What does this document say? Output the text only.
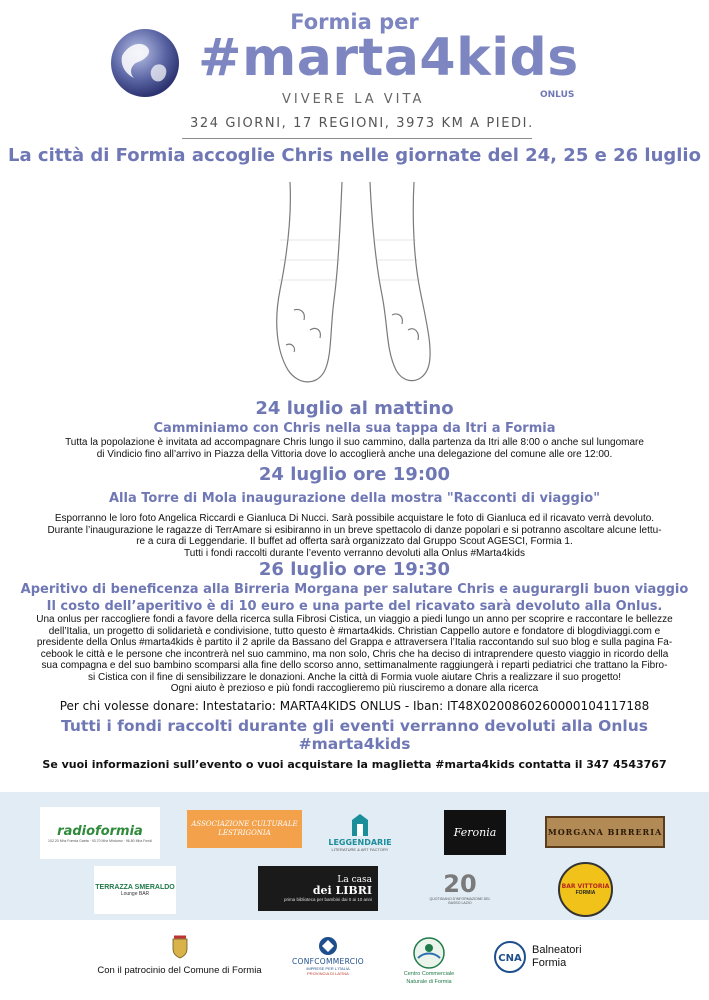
Formia per
#marta4kids
ONLUS
VIVERE LA VITA
324 GIORNI, 17 REGIONI, 3973 KM A PIEDI.
La città di Formia accoglie Chris nelle giornate del 24, 25 e 26 luglio
24 luglio al mattino
Camminiamo con Chris nella sua tappa da Itri a Formia
Tutta la popolazione è invitata ad accompagnare Chris lungo il suo cammino, dalla partenza da Itri alle 8:00 o anche sul lungomare
di Vindicio fino all’arrivo in Piazza della Vittoria dove lo accoglierà anche una delegazione del comune alle ore 12:00.
24 luglio ore 19:00
Alla Torre di Mola inaugurazione della mostra "Racconti di viaggio"
Esporranno le loro foto Angelica Riccardi e Gianluca Di Nucci. Sarà possibile acquistare le foto di Gianluca ed il ricavato verrà devoluto.
Durante l’inaugurazione le ragazze di TerrAmare si esibiranno in un breve spettacolo di danze popolari e si potranno ascoltare alcune lettu-
re a cura di Leggendarie. Il buffet ad offerta sarà organizzato dal Gruppo Scout AGESCI, Formia 1.
Tutti i fondi raccolti durante l’evento verranno devoluti alla Onlus #Marta4kids
26 luglio ore 19:30
Aperitivo di beneficenza alla Birreria Morgana per salutare Chris e augurargli buon viaggio
Il costo dell’aperitivo è di 10 euro e una parte del ricavato sarà devoluto alla Onlus.
Una onlus per raccogliere fondi a favore della ricerca sulla Fibrosi Cistica, un viaggio a piedi lungo un anno per scoprire e raccontare le bellezze
dell’Italia, un progetto di solidarietà e condivisione, tutto questo è #marta4kids. Christian Cappello autore e fondatore di blogdiviaggi.com e
presidente della Onlus #marta4kids è partito il 2 aprile da Bassano del Grappa e attraversera l’Italia raccontando sul suo blog e sulla pagina Fa-
cebook le città e le persone che incontrerà nel suo cammino, ma non solo, Chris che ha deciso di intraprendere questo viaggio in ricordo della
sua compagna e del suo bambino scomparsi alla fine dello scorso anno, settimanalmente raggiungerà i reparti pediatrici che trattano la Fibro-
si Cistica con il fine di sensibilizzare le donazioni. Anche la città di Formia vuole aiutare Chris a realizzare il suo progetto!
Ogni aiuto è prezioso e più fondi raccoglieremo più riusciremo a donare alla ricerca
Per chi volesse donare: Intestatario: MARTA4KIDS ONLUS - Iban: IT48X0200860260000104117188
Tutti i fondi raccolti durante gli eventi verranno devoluti alla Onlus #marta4kids
Se vuoi informazioni sull’evento o vuoi acquistare la maglietta #marta4kids contatta il 347 4543767
radioformia
102.20 Mhz Formia Gaeta · 93.70 Mhz Minturno · 96.80 Mhz Fondi
ASSOCIAZIONE CULTURALE
LESTRIGONIA
LEGGENDARIE
LITERATURE & ART FACTORY
Feronia	MORGANA BIRRERIA
TERRAZZA SMERALDO
Lounge BAR
La casa
dei LIBRI
prima biblioteca per bambini dai 0 ai 10 anni
20
QUOTIDIANO D'INFORMAZIONE DEL BASSO LAZIO
BAR VITTORIA
FORMIA
Con il patrocinio del Comune di Formia
CONFCOMMERCIO
IMPRESE PER L'ITALIA
PROVINCIA DI LATINA	Centro Commerciale
Naturale di Formia
CNA
Balneatori
Formia
